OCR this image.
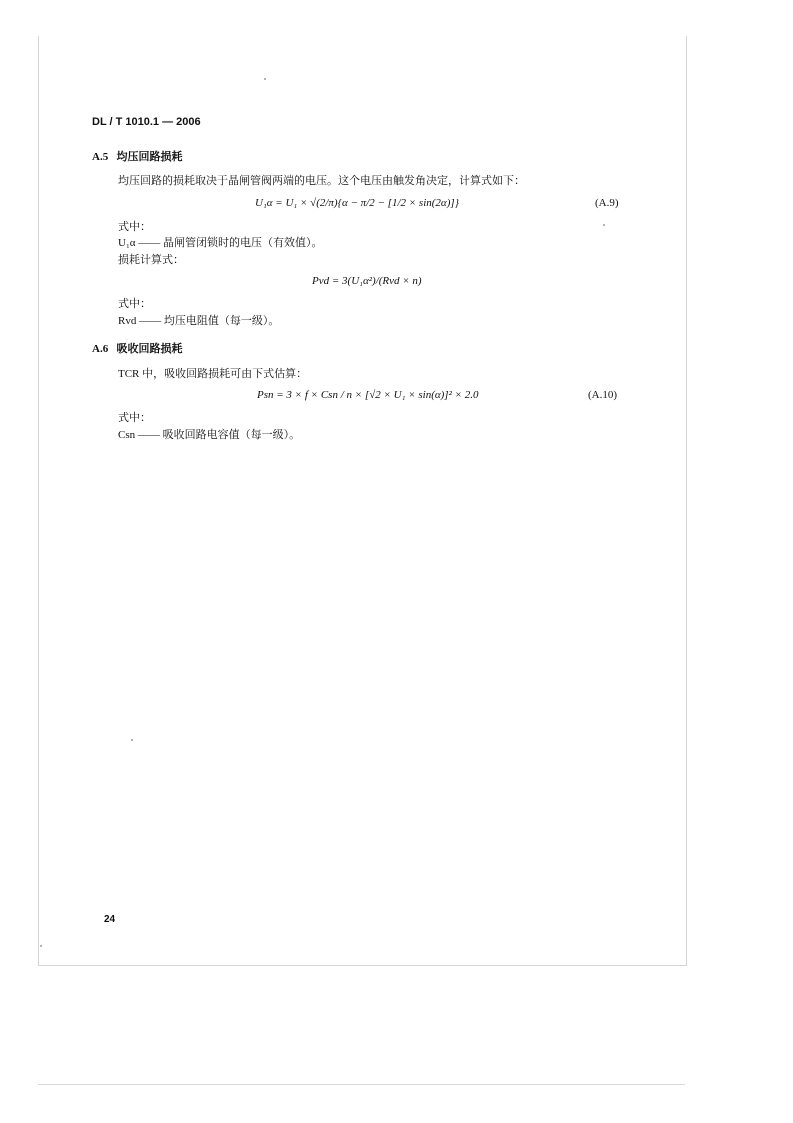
DL / T 1010.1 — 2006
A.5 均压回路损耗
均压回路的损耗取决于晶闸管阀两端的电压。这个电压由触发角决定，计算式如下：
U₁α = U₁ × √(2/π){α − π/2 − [1/2 × sin(2α)]}	(A.9)
式中：
U₁α —— 晶闸管闭锁时的电压（有效值）。
损耗计算式：
Pvd = 3(U₁α²)/(Rvd × n)
式中：
Rvd —— 均压电阻值（每一级）。
A.6 吸收回路损耗
TCR 中，吸收回路损耗可由下式估算：
Psn = 3 × f × Csn / n × [√2 × U₁ × sin(α)]² × 2.0	(A.10)
式中：
Csn —— 吸收回路电容值（每一级）。
24
